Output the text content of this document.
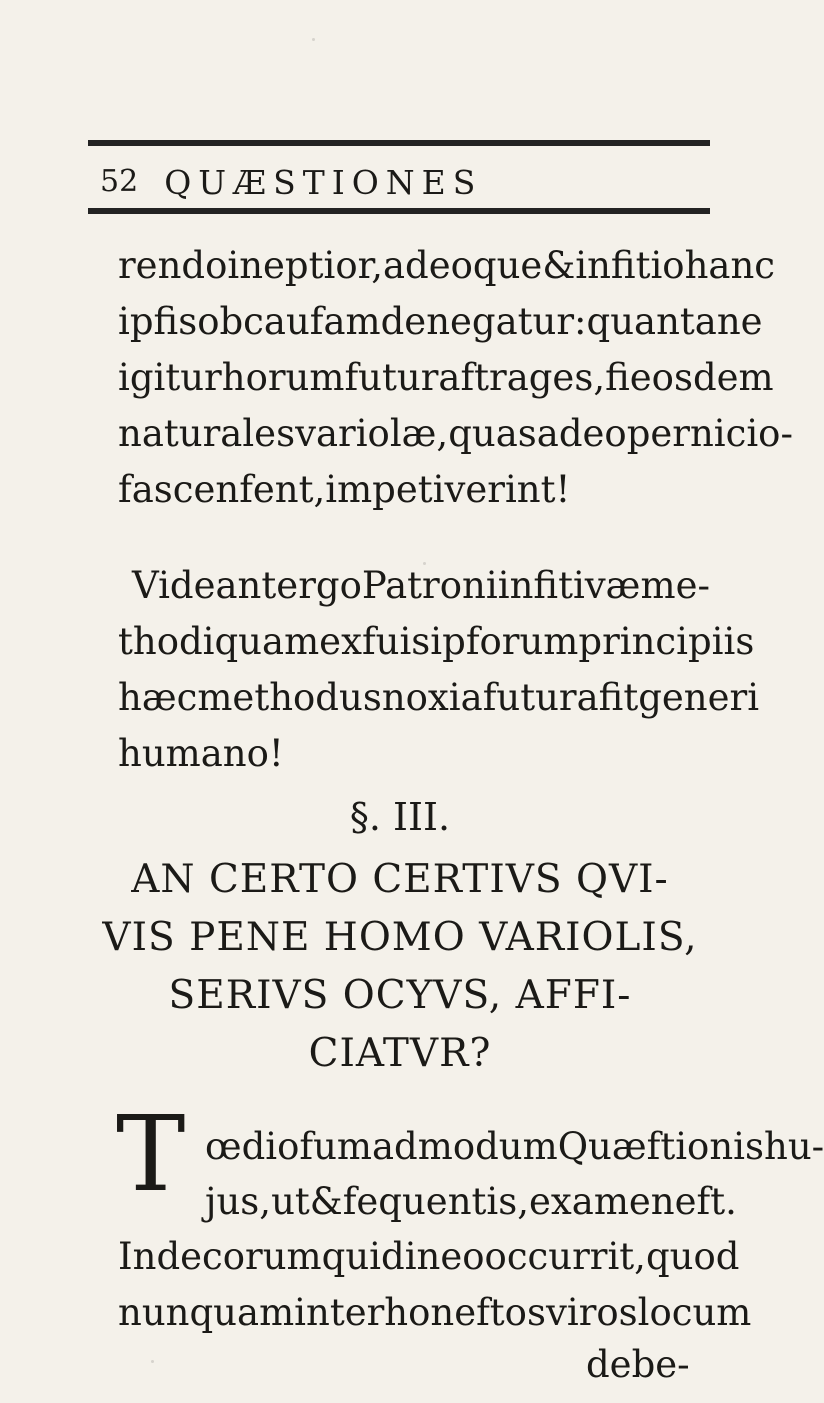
52 QUÆSTIONES
rendo ineptior, adeoque & infitio hanc
ipfis ob caufam denegatur : quantane
igitur horum futura ftrages , fi eosdem
naturales variolæ, quas adeo pernicio-
fas cenfent , impetiverint !
Videant ergo Patroni infitivæ me-
thodi quam ex fuis ipforum principiis
hæc methodus noxia futura fit generi
humano!
§. III.
AN CERTO CERTIVS QVI-
VIS PENE HOMO VARIOLIS,
SERIVS OCYVS, AFFI-
CIATVR?
T œdiofum admodum Quæftionis hu-
jus, ut & fequentis, examen eft.
Indecorum quid in eo occurrit, quod
nunquam inter honeftos viros locum
debe-
